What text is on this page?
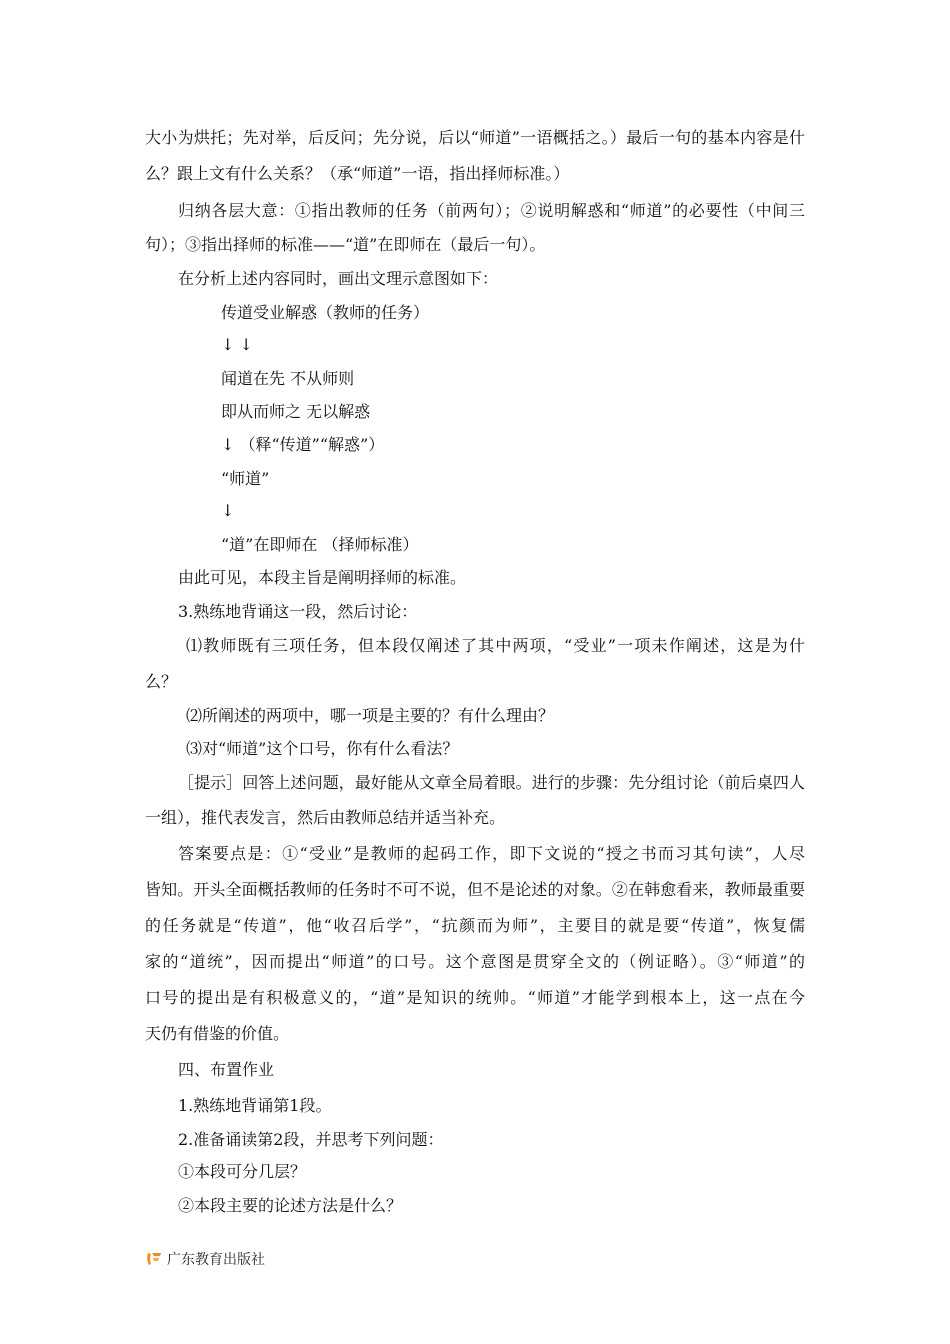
大小为烘托；先对举，后反问；先分说，后以“师道”一语概括之。）最后一句的基本内容是什
么？跟上文有什么关系？（承“师道”一语，指出择师标准。）
归纳各层大意：①指出教师的任务（前两句）；②说明解惑和“师道”的必要性（中间三
句）；③指出择师的标准——“道”在即师在（最后一句）。
在分析上述内容同时，画出文理示意图如下：
传道受业解惑（教师的任务）
↓ ↓
闻道在先 不从师则
即从而师之 无以解惑
↓ （释“传道”“解惑”）
“师道”
↓
“道”在即师在 （择师标准）
由此可见，本段主旨是阐明择师的标准。
3.熟练地背诵这一段，然后讨论：
⑴教师既有三项任务，但本段仅阐述了其中两项，“受业”一项未作阐述，这是为什
么？
⑵所阐述的两项中，哪一项是主要的？有什么理由？
⑶对“师道”这个口号，你有什么看法？
［提示］回答上述问题，最好能从文章全局着眼。进行的步骤：先分组讨论（前后桌四人
一组），推代表发言，然后由教师总结并适当补充。
答案要点是：①“受业”是教师的起码工作，即下文说的“授之书而习其句读”，人尽
皆知。开头全面概括教师的任务时不可不说，但不是论述的对象。②在韩愈看来，教师最重要
的任务就是“传道”，他“收召后学”，“抗颜而为师”，主要目的就是要“传道”，恢复儒
家的“道统”，因而提出“师道”的口号。这个意图是贯穿全文的（例证略）。③“师道”的
口号的提出是有积极意义的，“道”是知识的统帅。“师道”才能学到根本上，这一点在今
天仍有借鉴的价值。
四、布置作业
1.熟练地背诵第1段。
2.准备诵读第2段，并思考下列问题：
①本段可分几层？
②本段主要的论述方法是什么？
广东教育出版社
